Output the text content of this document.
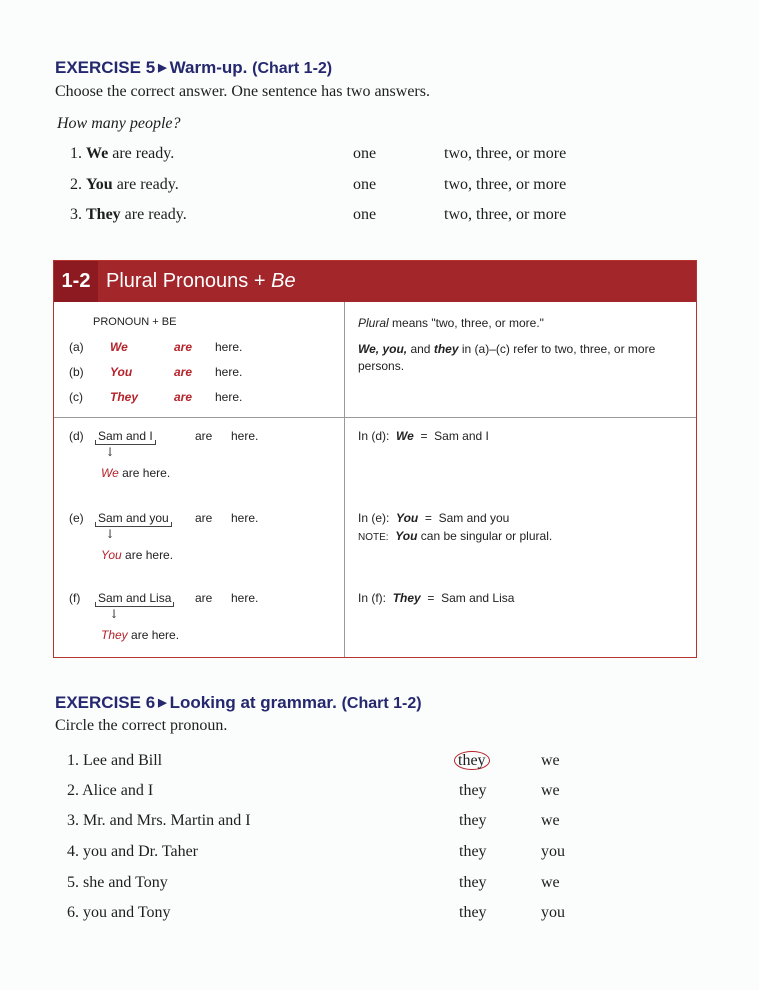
EXERCISE 5 ▶ Warm-up. (Chart 1-2)
Choose the correct answer. One sentence has two answers.
How many people?
1. We are ready.	one	two, three, or more
2. You are ready.	one	two, three, or more
3. They are ready.	one	two, three, or more
1-2 Plural Pronouns + Be
PRONOUN + BE
(a) We	are here.
(b) You	are here.
(c) They	are here.
Plural means "two, three, or more."
We, you, and they in (a)–(c) refer to two, three, or more persons.
(d) Sam and I	are here.
↓
We are here.
In (d): We = Sam and I
(e) Sam and you are here.
↓
You are here.
In (e): You = Sam and you
NOTE: You can be singular or plural.
(f) Sam and Lisa are here.
↓
They are here.
In (f): They = Sam and Lisa
EXERCISE 6 ▶ Looking at grammar. (Chart 1-2)
Circle the correct pronoun.
1. Lee and Bill	they	we
2. Alice and I	they	we
3. Mr. and Mrs. Martin and I	they	we
4. you and Dr. Taher	they	you
5. she and Tony	they	we
6. you and Tony	they	you
